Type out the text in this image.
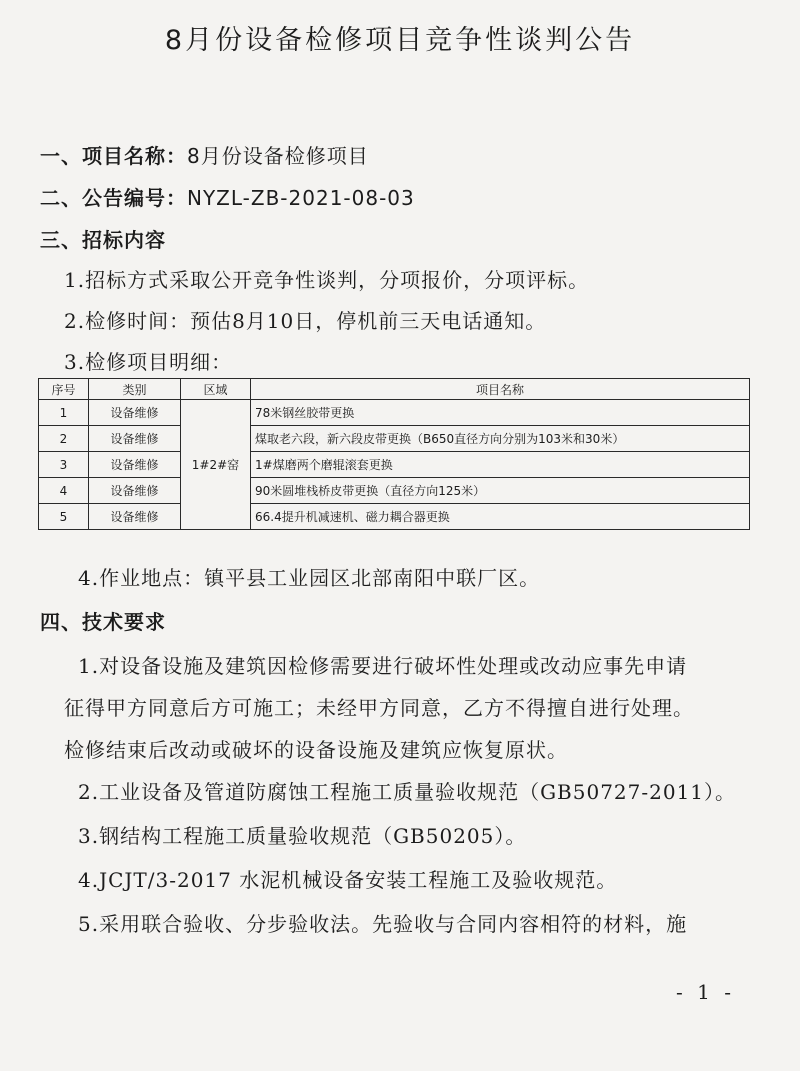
8月份设备检修项目竞争性谈判公告
一、项目名称：8月份设备检修项目
二、公告编号：NYZL-ZB-2021-08-03
三、招标内容
1.招标方式采取公开竞争性谈判，分项报价，分项评标。
2.检修时间：预估8月10日，停机前三天电话通知。
3.检修项目明细：
序号	类别	区域	项目名称
1	设备维修	1#2#窑	78米钢丝胶带更换
2	设备维修		煤取老六段，新六段皮带更换（B650直径方向分别为103米和30米）
3	设备维修		1#煤磨两个磨辊滚套更换
4	设备维修		90米圆堆栈桥皮带更换（直径方向125米）
5	设备维修		66.4提升机减速机、磁力耦合器更换
4.作业地点：镇平县工业园区北部南阳中联厂区。
四、技术要求
1.对设备设施及建筑因检修需要进行破坏性处理或改动应事先申请
征得甲方同意后方可施工；未经甲方同意，乙方不得擅自进行处理。
检修结束后改动或破坏的设备设施及建筑应恢复原状。
2.工业设备及管道防腐蚀工程施工质量验收规范（GB50727-2011）。
3.钢结构工程施工质量验收规范（GB50205）。
4.JCJT/3-2017 水泥机械设备安装工程施工及验收规范。
5.采用联合验收、分步验收法。先验收与合同内容相符的材料，施
- 1 -
